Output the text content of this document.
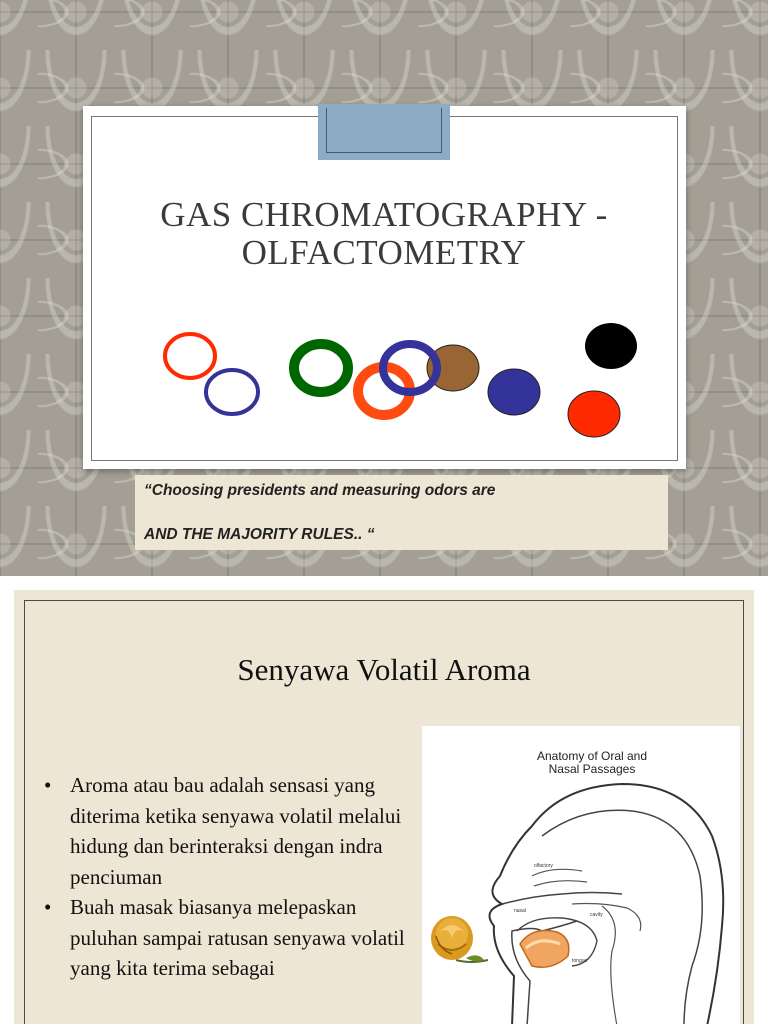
GAS CHROMATOGRAPHY -
OLFACTOMETRY
“Choosing presidents and measuring odors are
AND THE MAJORITY RULES.. “
Senyawa Volatil Aroma
• Aroma atau bau adalah sensasi yang diterima ketika senyawa volatil melalui hidung dan berinteraksi dengan indra penciuman
• Buah masak biasanya melepaskan puluhan sampai ratusan senyawa volatil yang kita terima sebagai
Anatomy of Oral and
Nasal Passages
olfactory
nasal
cavity
tongue
